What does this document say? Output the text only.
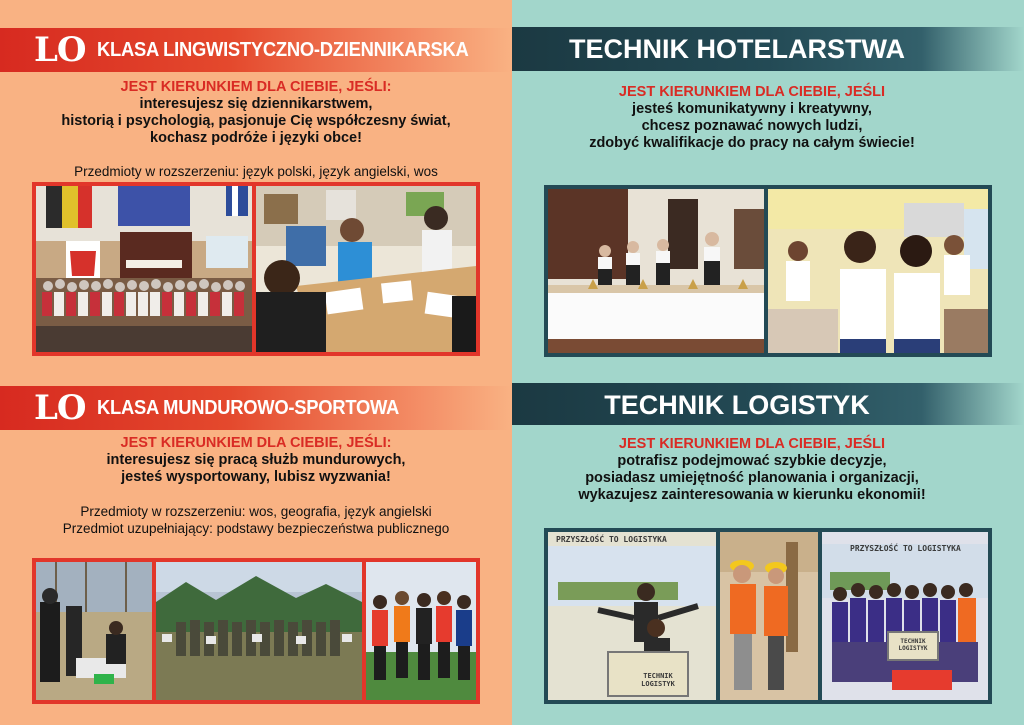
LO KLASA LINGWISTYCZNO-DZIENNIKARSKA
JEST KIERUNKIEM DLA CIEBIE, JEŚLI:
interesujesz się dziennikarstwem,
historią i psychologią, pasjonuje Cię współczesny świat,
kochasz podróże i języki obce!
Przedmioty w rozszerzeniu: język polski, język angielski, wos
TECHNIK HOTELARSTWA
JEST KIERUNKIEM DLA CIEBIE, JEŚLI
jesteś komunikatywny i kreatywny,
chcesz poznawać nowych ludzi,
zdobyć kwalifikacje do pracy na całym świecie!
LO KLASA MUNDUROWO-SPORTOWA
JEST KIERUNKIEM DLA CIEBIE, JEŚLI:
interesujesz się pracą służb mundurowych,
jesteś wysportowany, lubisz wyzwania!
Przedmioty w rozszerzeniu: wos, geografia, język angielski
Przedmiot uzupełniający: podstawy bezpieczeństwa publicznego
TECHNIK LOGISTYK
JEST KIERUNKIEM DLA CIEBIE, JEŚLI
potrafisz podejmować szybkie decyzje,
posiadasz umiejętność planowania i organizacji,
wykazujesz zainteresowania w kierunku ekonomii!
PRZYSZŁOŚĆ TO LOGISTYKA
TECHNIK LOGISTYK
PRZYSZŁOŚĆ TO LOGISTYKA
TECHNIK LOGISTYK
